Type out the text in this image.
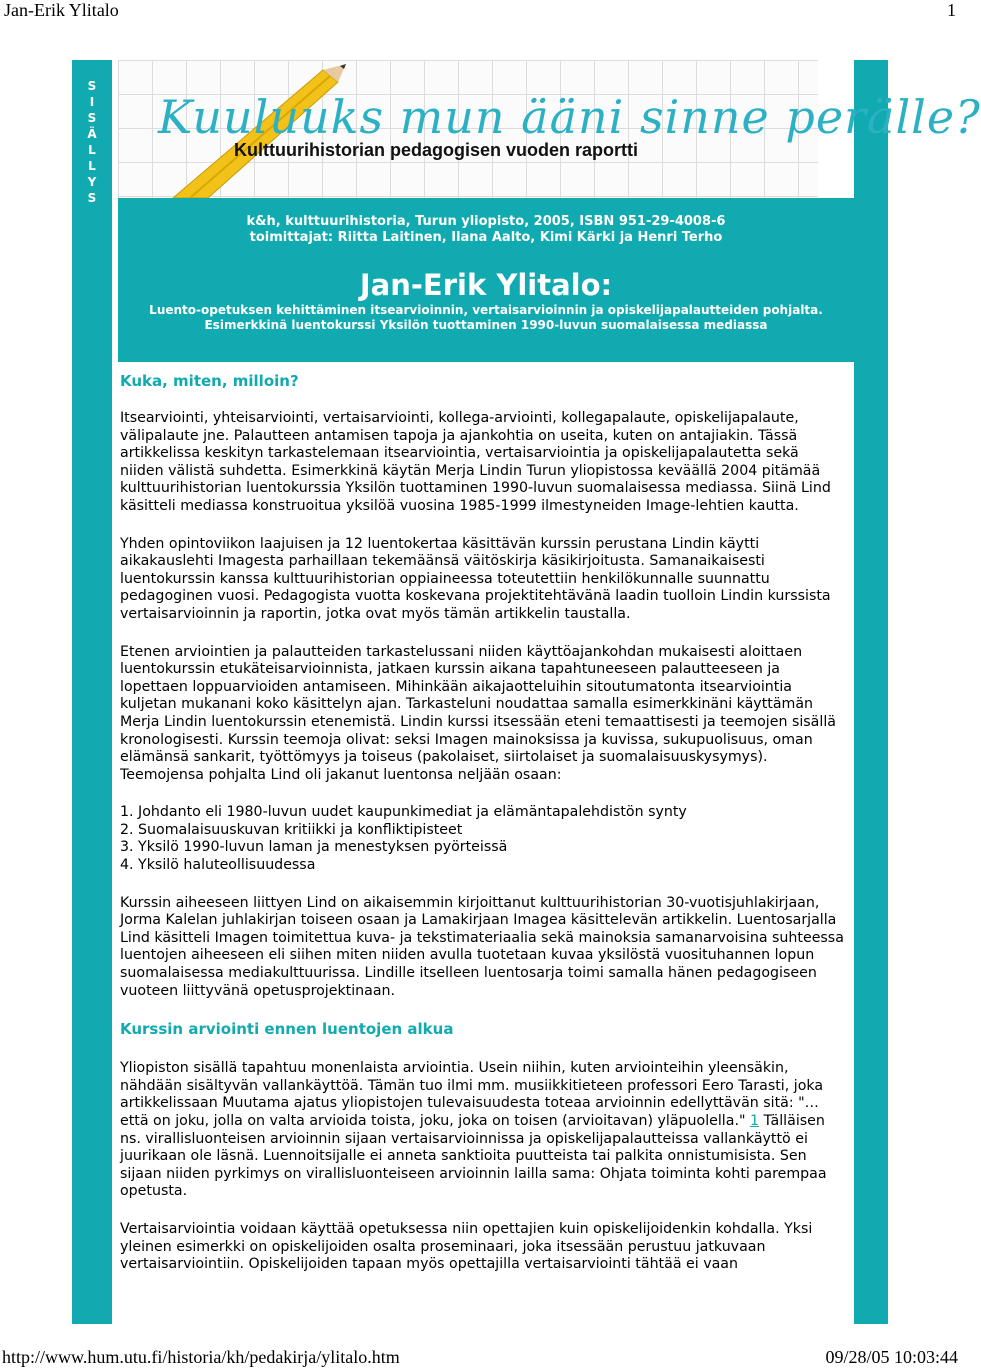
Jan-Erik Ylitalo	1
S
I
S
Ä
L
L
Y
S
Kuuluuks mun ääni sinne perälle?
Kulttuurihistorian pedagogisen vuoden raportti
k&h, kulttuurihistoria, Turun yliopisto, 2005, ISBN 951-29-4008-6
toimittajat: Riitta Laitinen, Ilana Aalto, Kimi Kärki ja Henri Terho
Jan-Erik Ylitalo:
Luento-opetuksen kehittäminen itsearvioinnin, vertaisarvioinnin ja opiskelijapalautteiden pohjalta.
Esimerkkinä luentokurssi Yksilön tuottaminen 1990-luvun suomalaisessa mediassa
Kuka, miten, milloin?

Itsearviointi, yhteisarviointi, vertaisarviointi, kollega-arviointi, kollegapalaute, opiskelijapalaute, välipalaute jne. Palautteen antamisen tapoja ja ajankohtia on useita, kuten on antajiakin. Tässä artikkelissa keskityn tarkastelemaan itsearviointia, vertaisarviointia ja opiskelijapalautetta sekä niiden välistä suhdetta. Esimerkkinä käytän Merja Lindin Turun yliopistossa keväällä 2004 pitämää kulttuurihistorian luentokurssia Yksilön tuottaminen 1990-luvun suomalaisessa mediassa. Siinä Lind käsitteli mediassa konstruoitua yksilöä vuosina 1985-1999 ilmestyneiden Image-lehtien kautta.

Yhden opintoviikon laajuisen ja 12 luentokertaa käsittävän kurssin perustana Lindin käytti aikakauslehti Imagesta parhaillaan tekemäänsä väitöskirja käsikirjoitusta. Samanaikaisesti luentokurssin kanssa kulttuurihistorian oppiaineessa toteutettiin henkilökunnalle suunnattu pedagoginen vuosi. Pedagogista vuotta koskevana projektitehtävänä laadin tuolloin Lindin kurssista vertaisarvioinnin ja raportin, jotka ovat myös tämän artikkelin taustalla.

Etenen arviointien ja palautteiden tarkastelussani niiden käyttöajankohdan mukaisesti aloittaen luentokurssin etukäteisarvioinnista, jatkaen kurssin aikana tapahtuneeseen palautteeseen ja lopettaen loppuarvioiden antamiseen. Mihinkään aikajaotteluihin sitoutumatonta itsearviointia kuljetan mukanani koko käsittelyn ajan. Tarkasteluni noudattaa samalla esimerkkinäni käyttämän Merja Lindin luentokurssin etenemistä. Lindin kurssi itsessään eteni temaattisesti ja teemojen sisällä kronologisesti. Kurssin teemoja olivat: seksi Imagen mainoksissa ja kuvissa, sukupuolisuus, oman elämänsä sankarit, työttömyys ja toiseus (pakolaiset, siirtolaiset ja suomalaisuuskysymys). Teemojensa pohjalta Lind oli jakanut luentonsa neljään osaan:

1. Johdanto eli 1980-luvun uudet kaupunkimediat ja elämäntapalehdistön synty
2. Suomalaisuuskuvan kritiikki ja konfliktipisteet
3. Yksilö 1990-luvun laman ja menestyksen pyörteissä
4. Yksilö haluteollisuudessa

Kurssin aiheeseen liittyen Lind on aikaisemmin kirjoittanut kulttuurihistorian 30-vuotisjuhlakirjaan, Jorma Kalelan juhlakirjan toiseen osaan ja Lamakirjaan Imagea käsittelevän artikkelin. Luentosarjalla Lind käsitteli Imagen toimitettua kuva- ja tekstimateriaalia sekä mainoksia samanarvoisina suhteessa luentojen aiheeseen eli siihen miten niiden avulla tuotetaan kuvaa yksilöstä vuosituhannen lopun suomalaisessa mediakulttuurissa. Lindille itselleen luentosarja toimi samalla hänen pedagogiseen vuoteen liittyvänä opetusprojektinaan.

Kurssin arviointi ennen luentojen alkua

Yliopiston sisällä tapahtuu monenlaista arviointia. Usein niihin, kuten arviointeihin yleensäkin, nähdään sisältyvän vallankäyttöä. Tämän tuo ilmi mm. musiikkitieteen professori Eero Tarasti, joka artikkelissaan Muutama ajatus yliopistojen tulevaisuudesta toteaa arvioinnin edellyttävän sitä: "…että on joku, jolla on valta arvioida toista, joku, joka on toisen (arvioitavan) yläpuolella." 1 Tälläisen ns. virallisluonteisen arvioinnin sijaan vertaisarvioinnissa ja opiskelijapalautteissa vallankäyttö ei juurikaan ole läsnä. Luennoitsijalle ei anneta sanktioita puutteista tai palkita onnistumisista. Sen sijaan niiden pyrkimys on virallisluonteiseen arvioinnin lailla sama: Ohjata toiminta kohti parempaa opetusta.

Vertaisarviointia voidaan käyttää opetuksessa niin opettajien kuin opiskelijoidenkin kohdalla. Yksi yleinen esimerkki on opiskelijoiden osalta proseminaari, joka itsessään perustuu jatkuvaan vertaisarviointiin. Opiskelijoiden tapaan myös opettajilla vertaisarviointi tähtää ei vaan

http://www.hum.utu.fi/historia/kh/pedakirja/ylitalo.htm	09/28/05 10:03:44
